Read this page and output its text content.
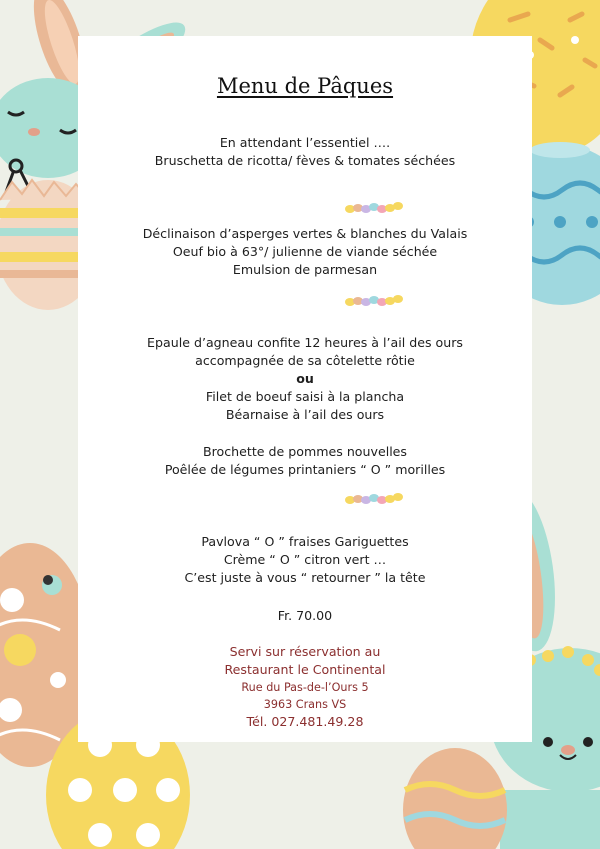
Menu de Pâques
En attendant l’essentiel ….
Bruschetta de ricotta/ fèves & tomates séchées
Déclinaison d’asperges vertes & blanches du Valais
Oeuf bio à 63°/ julienne de viande séchée
Emulsion de parmesan
Epaule d’agneau confite 12 heures à l’ail des ours
accompagnée de sa côtelette rôtie
ou
Filet de boeuf saisi à la plancha
Béarnaise à l’ail des ours
Brochette de pommes nouvelles
Poêlée de légumes printaniers “ O ” morilles
Pavlova “ O ” fraises Gariguettes
Crème “ O ” citron vert …
C’est juste à vous “ retourner ” la tête
Fr. 70.00
Servi sur réservation au
Restaurant le Continental
Rue du Pas-de-l’Ours 5
3963 Crans VS
Tél. 027.481.49.28
